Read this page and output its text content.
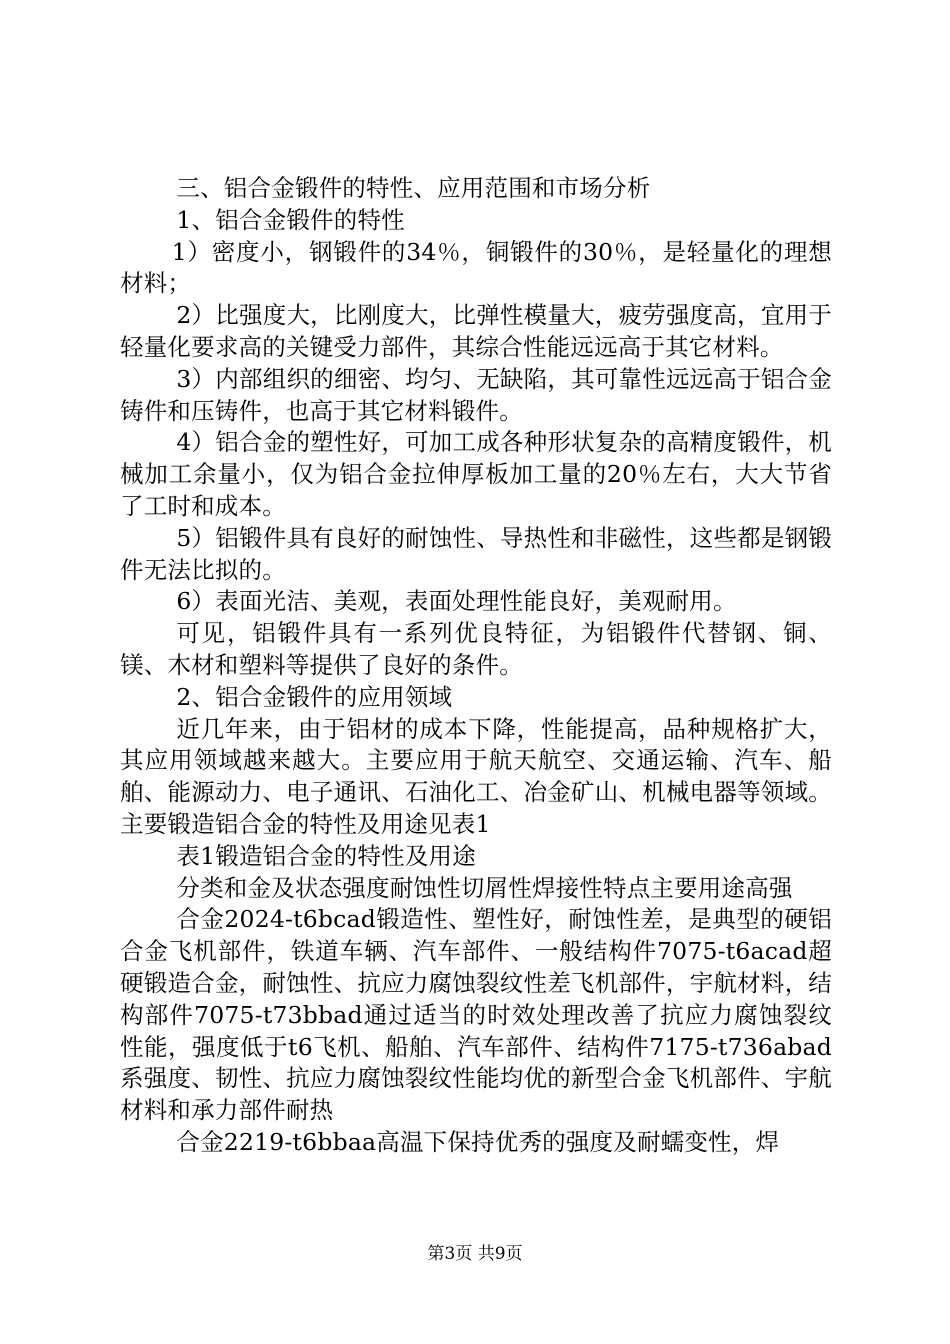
三、铝合金锻件的特性、应用范围和市场分析

1、铝合金锻件的特性

1）密度小，钢锻件的34％，铜锻件的30％，是轻量化的理想材料；

2）比强度大，比刚度大，比弹性模量大，疲劳强度高，宜用于轻量化要求高的关键受力部件，其综合性能远远高于其它材料。

3）内部组织的细密、均匀、无缺陷，其可靠性远远高于铝合金铸件和压铸件，也高于其它材料锻件。

4）铝合金的塑性好，可加工成各种形状复杂的高精度锻件，机械加工余量小，仅为铝合金拉伸厚板加工量的20％左右，大大节省了工时和成本。

5）铝锻件具有良好的耐蚀性、导热性和非磁性，这些都是钢锻件无法比拟的。

6）表面光洁、美观，表面处理性能良好，美观耐用。

可见，铝锻件具有一系列优良特征，为铝锻件代替钢、铜、镁、木材和塑料等提供了良好的条件。

2、铝合金锻件的应用领域

近几年来，由于铝材的成本下降，性能提高，品种规格扩大，其应用领域越来越大。主要应用于航天航空、交通运输、汽车、船舶、能源动力、电子通讯、石油化工、冶金矿山、机械电器等领域。主要锻造铝合金的特性及用途见表1

表1锻造铝合金的特性及用途

分类和金及状态强度耐蚀性切屑性焊接性特点主要用途高强

合金2024-t6bcad锻造性、塑性好，耐蚀性差，是典型的硬铝合金飞机部件，铁道车辆、汽车部件、一般结构件7075-t6acad超硬锻造合金，耐蚀性、抗应力腐蚀裂纹性差飞机部件，宇航材料，结构部件7075-t73bbad通过适当的时效处理改善了抗应力腐蚀裂纹性能，强度低于t6飞机、船舶、汽车部件、结构件7175-t736abad系强度、韧性、抗应力腐蚀裂纹性能均优的新型合金飞机部件、宇航材料和承力部件耐热

合金2219-t6bbaa高温下保持优秀的强度及耐蠕变性，焊

第3页 共9页
